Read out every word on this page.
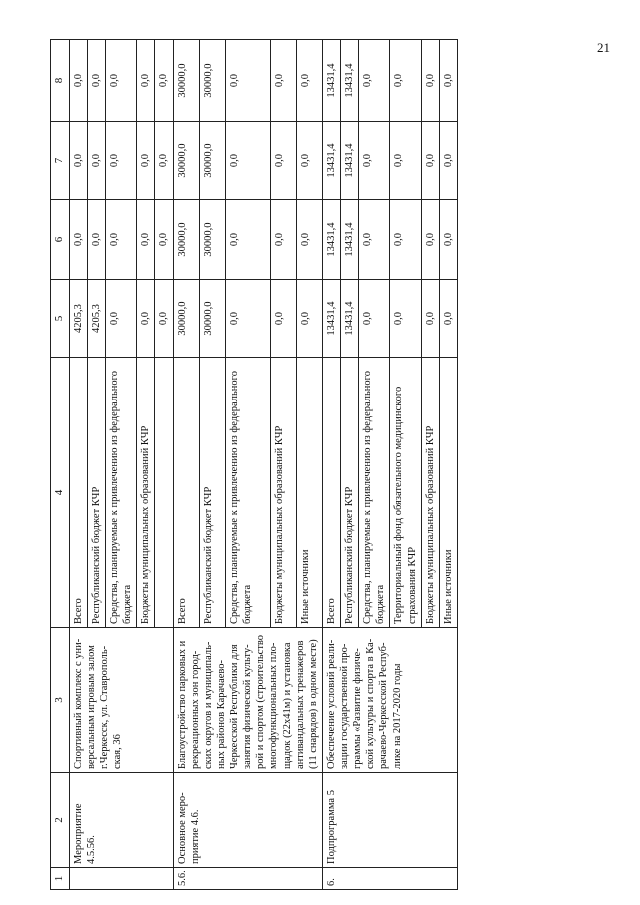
21
1	2	3	4	5	6	7	8
	Мероприятие 4.5.56.	Спортивный комплекс с уни-версальным игровым залом г.Черкесск, ул. Ставрополь-ская, 36	Всего	4205,3	0,0	0,0	0,0
			Республиканский бюджет КЧР	4205,3	0,0	0,0	0,0
			Средства, планируемые к привлечению из федерального бюджета	0,0	0,0	0,0	0,0
			Бюджеты муниципальных образований КЧР	0,0	0,0	0,0	0,0
				0,0	0,0	0,0	0,0
5.6.	Основное меро-приятие 4.6.	Благоустройство парковых и рекреационных зон город-ских округов и муниципаль-ных районов Карачаево-Черкесской Республики для занятия физической культу-рой и спортом (строительство многофункциональных пло-щадок (22х41м) и установка антивандальных тренажеров (11 снарядов) в одном месте)	Всего	30000,0	30000,0	30000,0	30000,0
			Республиканский бюджет КЧР	30000,0	30000,0	30000,0	30000,0
			Средства, планируемые к привлечению из федерального бюджета	0,0	0,0	0,0	0,0
			Бюджеты муниципальных образований КЧР	0,0	0,0	0,0	0,0
			Иные источники	0,0	0,0	0,0	0,0
6.	Подпрограмма 5	Обеспечение условий реали-зации государственной про-граммы «Развитие физиче-ской культуры и спорта в Ка-рачаево-Черкесской Респуб-лике на 2017-2020 годы	Всего	13431,4	13431,4	13431,4	13431,4
			Республиканский бюджет КЧР	13431,4	13431,4	13431,4	13431,4
			Средства, планируемые к привлечению из федерального бюджета	0,0	0,0	0,0	0,0
			Территориальный фонд обязательного медицинского страхования КЧР	0,0	0,0	0,0	0,0
			Бюджеты муниципальных образований КЧР	0,0	0,0	0,0	0,0
			Иные источники	0,0	0,0	0,0	0,0
